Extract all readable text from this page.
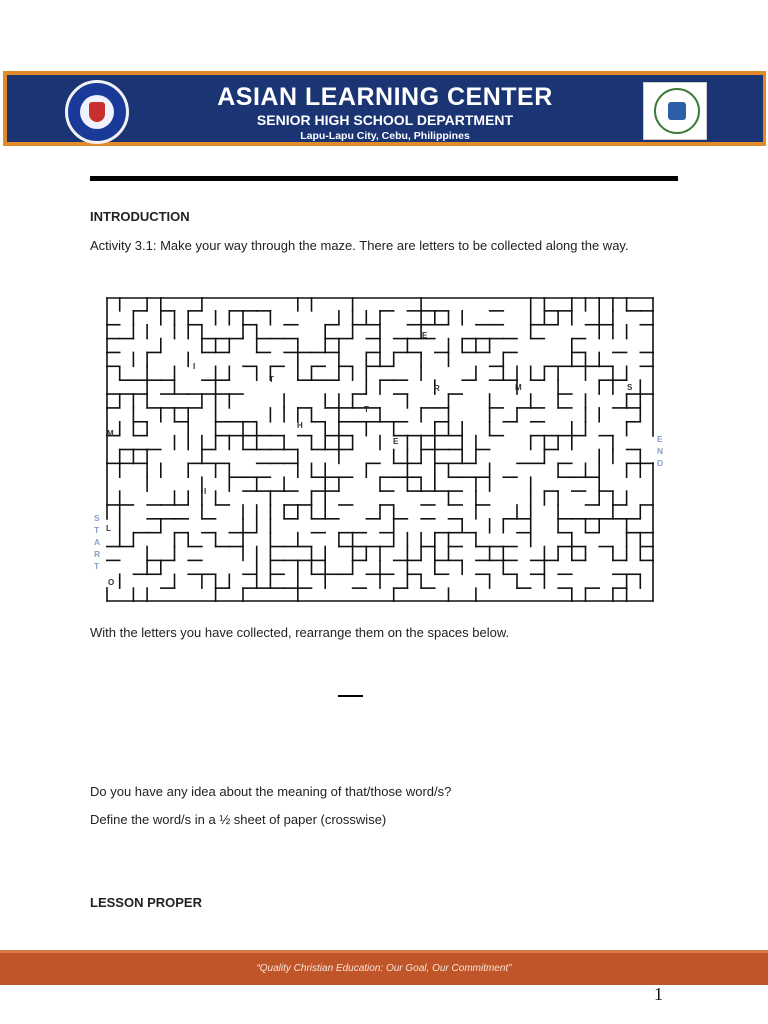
ASIAN LEARNING CENTER
SENIOR HIGH SCHOOL DEPARTMENT
Lapu-Lapu City, Cebu, Philippines
INTRODUCTION
Activity 3.1: Make your way through the maze. There are letters to be collected along the way.
S
T
A
R
T
E
N
D
E
I
T
R	M	S
T
H
M
E
I
L
O
With the letters you have collected, rearrange them on the spaces below.
Do you have any idea about the meaning of that/those word/s?
Define the word/s in a ½ sheet of paper (crosswise)
LESSON PROPER
“Quality Christian Education: Our Goal, Our Commitment”
1
